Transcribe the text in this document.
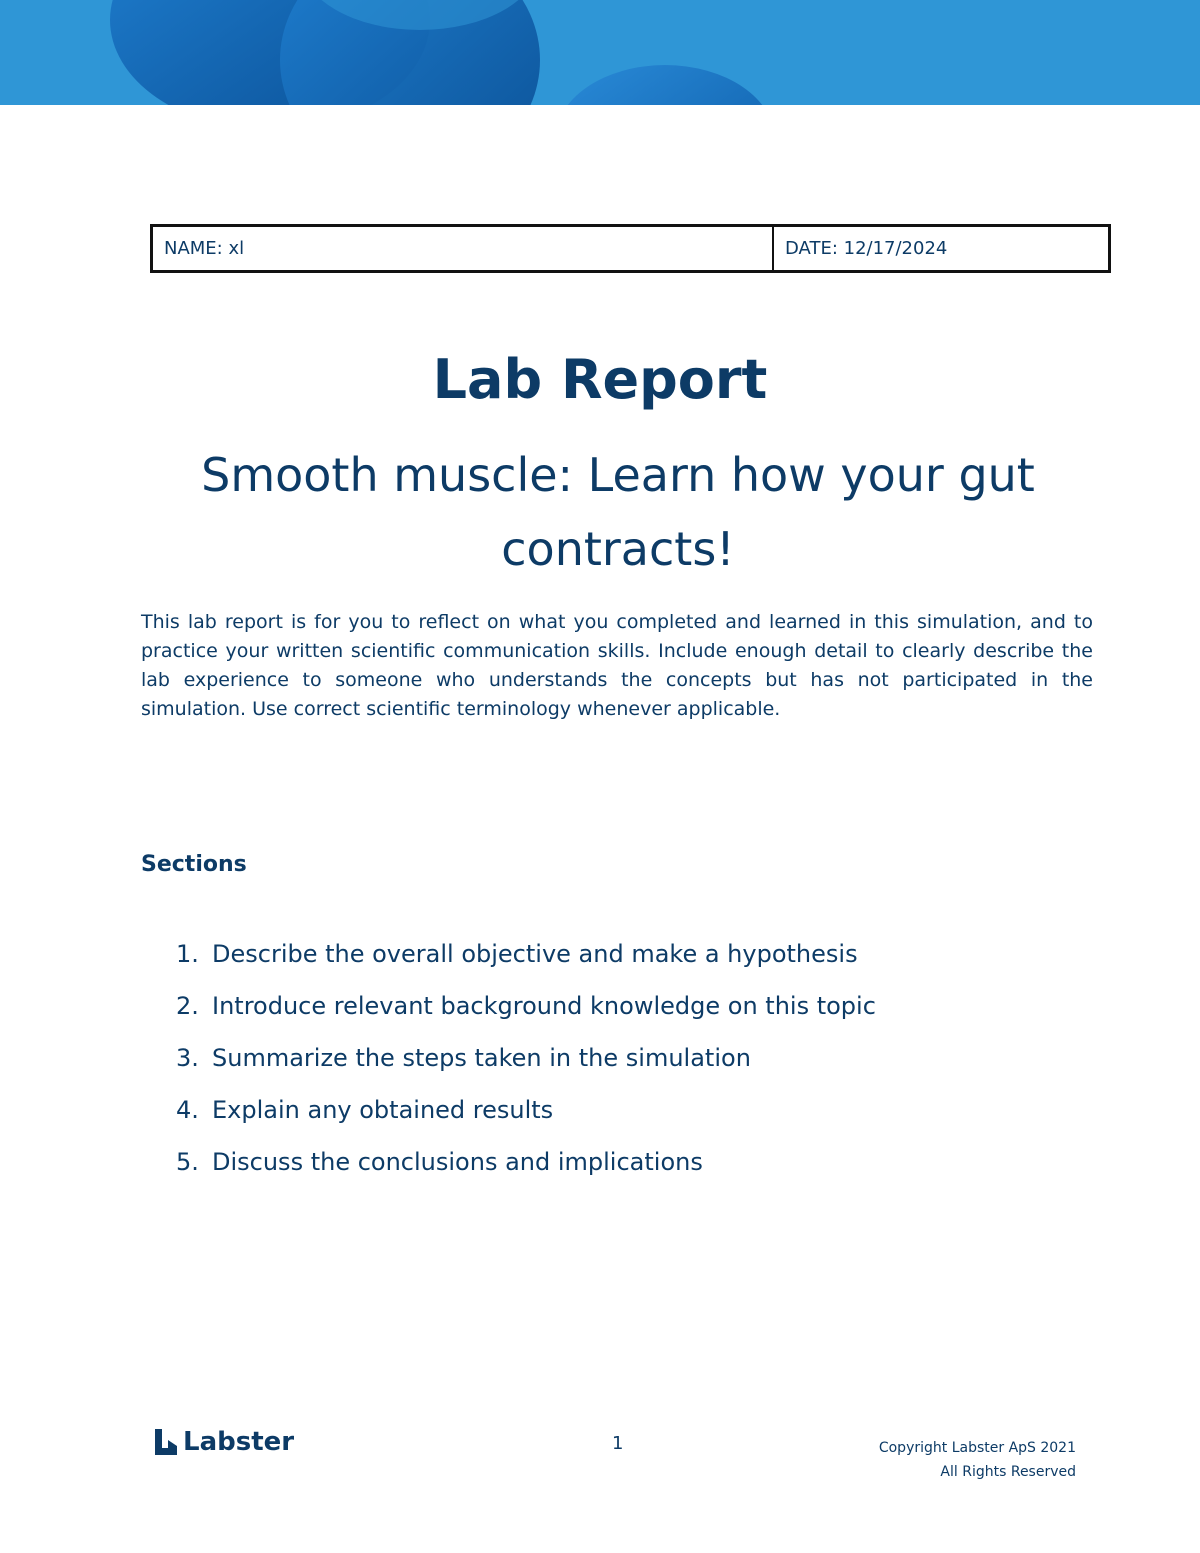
NAME: xl	DATE: 12/17/2024
Lab Report
Smooth muscle: Learn how your gut contracts!

This lab report is for you to reflect on what you completed and learned in this simulation, and to practice your written scientific communication skills. Include enough detail to clearly describe the lab experience to someone who understands the concepts but has not participated in the simulation. Use correct scientific terminology whenever applicable.

Sections
1. Describe the overall objective and make a hypothesis
2. Introduce relevant background knowledge on this topic
3. Summarize the steps taken in the simulation
4. Explain any obtained results
5. Discuss the conclusions and implications
Labster	1	Copyright Labster ApS 2021
All Rights Reserved
